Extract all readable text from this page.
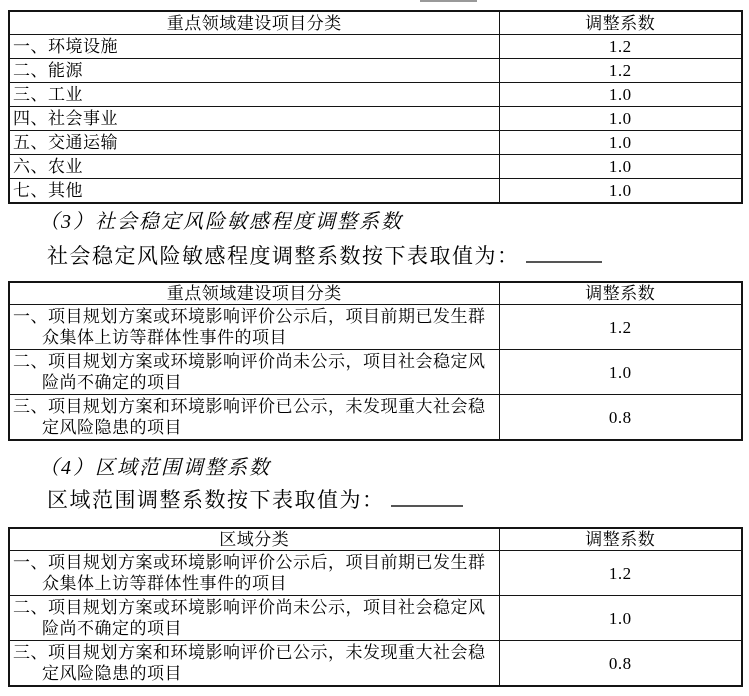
重点领域建设项目分类	调整系数
一、环境设施	1.2
二、能源	1.2
三、工业	1.0
四、社会事业	1.0
五、交通运输	1.0
六、农业	1.0
七、其他	1.0
（3）社会稳定风险敏感程度调整系数
社会稳定风险敏感程度调整系数按下表取值为：
重点领域建设项目分类	调整系数

一、项目规划方案或环境影响评价公示后，项目前期已发生群众集体上访等群体性事件的项目	1.2

二、项目规划方案或环境影响评价尚未公示，项目社会稳定风险尚不确定的项目	1.0

三、项目规划方案和环境影响评价已公示，未发现重大社会稳定风险隐患的项目	0.8
（4）区域范围调整系数
区域范围调整系数按下表取值为：
区域分类	调整系数

一、项目规划方案或环境影响评价公示后，项目前期已发生群众集体上访等群体性事件的项目	1.2

二、项目规划方案或环境影响评价尚未公示，项目社会稳定风险尚不确定的项目	1.0

三、项目规划方案和环境影响评价已公示，未发现重大社会稳定风险隐患的项目	0.8
